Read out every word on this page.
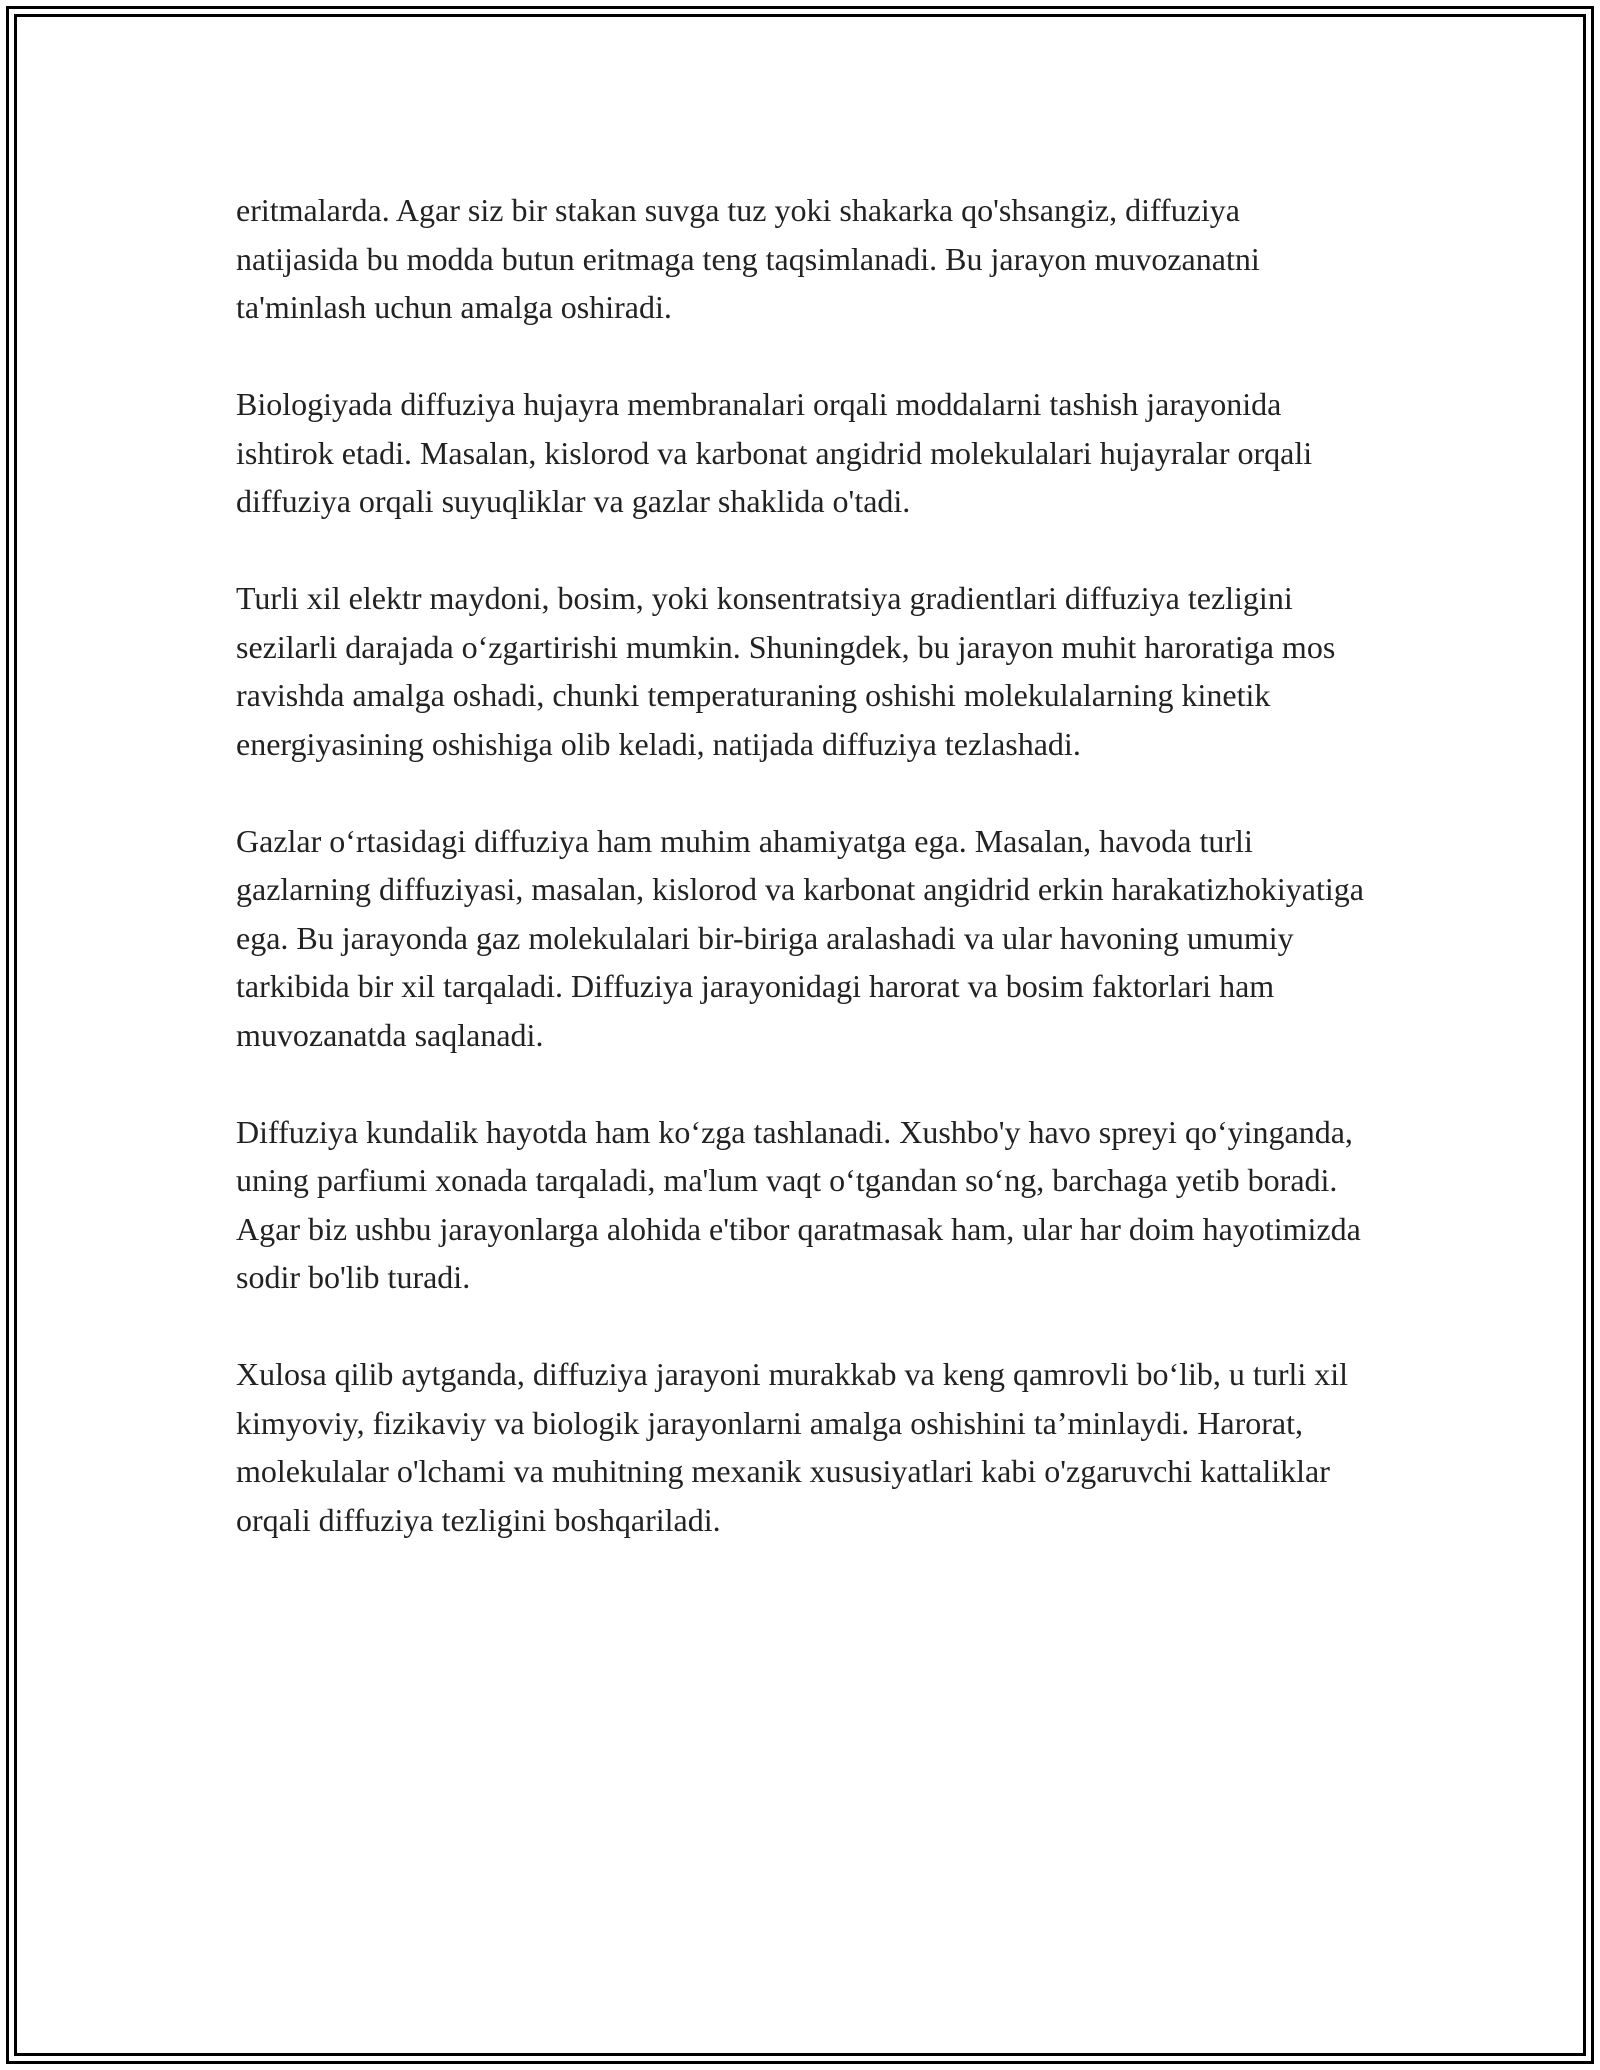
eritmalarda. Agar siz bir stakan suvga tuz yoki shakarka qo'shsangiz, diffuziya natijasida bu modda butun eritmaga teng taqsimlanadi. Bu jarayon muvozanatni ta'minlash uchun amalga oshiradi.

Biologiyada diffuziya hujayra membranalari orqali moddalarni tashish jarayonida ishtirok etadi. Masalan, kislorod va karbonat angidrid molekulalari hujayralar orqali diffuziya orqali suyuqliklar va gazlar shaklida o'tadi.

Turli xil elektr maydoni, bosim, yoki konsentratsiya gradientlari diffuziya tezligini sezilarli darajada o‘zgartirishi mumkin. Shuningdek, bu jarayon muhit haroratiga mos ravishda amalga oshadi, chunki temperaturaning oshishi molekulalarning kinetik energiyasining oshishiga olib keladi, natijada diffuziya tezlashadi.

Gazlar o‘rtasidagi diffuziya ham muhim ahamiyatga ega. Masalan, havoda turli gazlarning diffuziyasi, masalan, kislorod va karbonat angidrid erkin harakatizhokiyatiga ega. Bu jarayonda gaz molekulalari bir-biriga aralashadi va ular havoning umumiy tarkibida bir xil tarqaladi. Diffuziya jarayonidagi harorat va bosim faktorlari ham muvozanatda saqlanadi.

Diffuziya kundalik hayotda ham ko‘zga tashlanadi. Xushbo'y havo spreyi qo‘yinganda, uning parfiumi xonada tarqaladi, ma'lum vaqt o‘tgandan so‘ng, barchaga yetib boradi. Agar biz ushbu jarayonlarga alohida e'tibor qaratmasak ham, ular har doim hayotimizda sodir bo'lib turadi.

Xulosa qilib aytganda, diffuziya jarayoni murakkab va keng qamrovli bo‘lib, u turli xil kimyoviy, fizikaviy va biologik jarayonlarni amalga oshishini ta’minlaydi. Harorat, molekulalar o'lchami va muhitning mexanik xususiyatlari kabi o'zgaruvchi kattaliklar orqali diffuziya tezligini boshqariladi.
